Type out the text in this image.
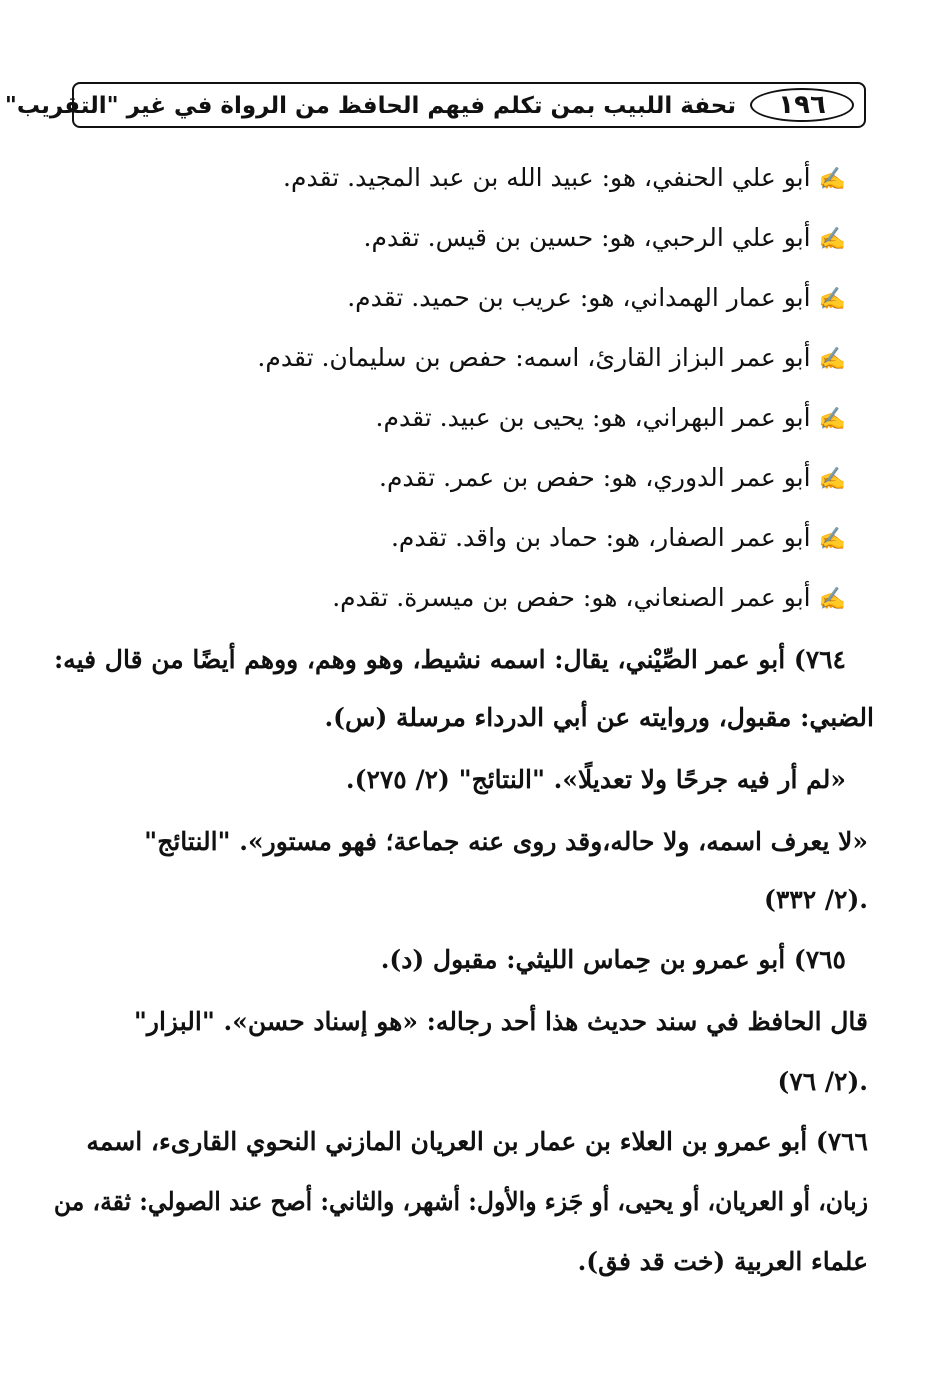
١٩٦
تحفة اللبيب بمن تكلم فيهم الحافظ من الرواة في غير "التقريب"
✍أبو علي الحنفي، هو: عبيد الله بن عبد المجيد. تقدم.
✍أبو علي الرحبي، هو: حسين بن قيس. تقدم.
✍أبو عمار الهمداني، هو: عريب بن حميد. تقدم.
✍أبو عمر البزاز القارئ، اسمه: حفص بن سليمان. تقدم.
✍أبو عمر البهراني، هو: يحيى بن عبيد. تقدم.
✍أبو عمر الدوري، هو: حفص بن عمر. تقدم.
✍أبو عمر الصفار، هو: حماد بن واقد. تقدم.
✍أبو عمر الصنعاني، هو: حفص بن ميسرة. تقدم.
٧٦٤) أبو عمر الصِّيْني، يقال: اسمه نشيط، وهو وهم، ووهم أيضًا من قال فيه:
الضبي: مقبول، وروايته عن أبي الدرداء مرسلة (س).
«لم أر فيه جرحًا ولا تعديلًا». "النتائج" (٢/ ٢٧٥).
«لا يعرف اسمه، ولا حاله،وقد روى عنه جماعة؛ فهو مستور». "النتائج"
(٢/ ٣٣٢).
٧٦٥) أبو عمرو بن حِماس الليثي: مقبول (د).
قال الحافظ في سند حديث هذا أحد رجاله: «هو إسناد حسن». "البزار"
(٢/ ٧٦).
٧٦٦) أبو عمرو بن العلاء بن عمار بن العريان المازني النحوي القارىء، اسمه
زبان، أو العريان، أو يحيى، أو جَزء والأول: أشهر، والثاني: أصح عند الصولي: ثقة، من
علماء العربية (خت قد فق).
